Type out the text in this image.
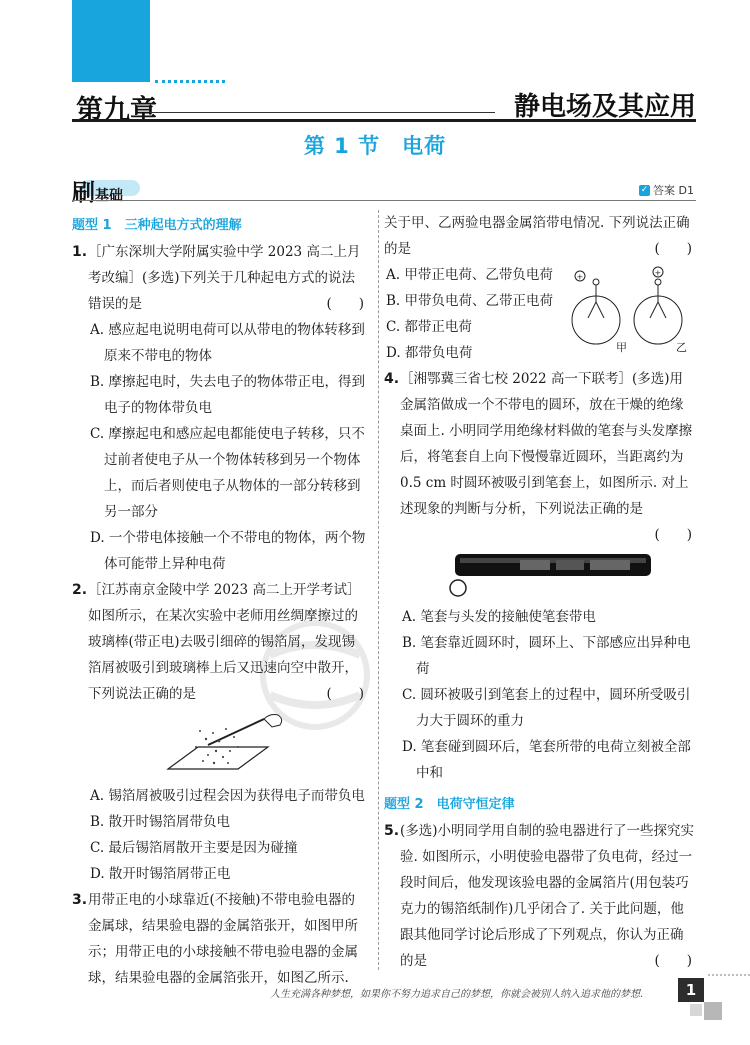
第九章	静电场及其应用
第 1 节 电荷
刷基础	✓ 答案 D1
题型 1　三种起电方式的理解
1. ［广东深圳大学附属实验中学 2023 高二上月
考改编］(多选)下列关于几种起电方式的说法
错误的是	(　　)
A. 感应起电说明电荷可以从带电的物体转移到原来不带电的物体
B. 摩擦起电时，失去电子的物体带正电，得到电子的物体带负电
C. 摩擦起电和感应起电都能使电子转移，只不过前者使电子从一个物体转移到另一个物体上，而后者则使电子从物体的一部分转移到另一部分
D. 一个带电体接触一个不带电的物体，两个物体可能带上异种电荷
2. ［江苏南京金陵中学 2023 高二上开学考试］如图所示，在某次实验中老师用丝绸摩擦过的玻璃棒(带正电)去吸引细碎的锡箔屑，发现锡箔屑被吸引到玻璃棒上后又迅速向空中散开，下列说法正确的是	(　　)
A. 锡箔屑被吸引过程会因为获得电子而带负电
B. 散开时锡箔屑带负电
C. 最后锡箔屑散开主要是因为碰撞
D. 散开时锡箔屑带正电
3. 用带正电的小球靠近(不接触)不带电验电器的金属球，结果验电器的金属箔张开，如图甲所示；用带正电的小球接触不带电验电器的金属球，结果验电器的金属箔张开，如图乙所示.
关于甲、乙两验电器金属箔带电情况. 下列说法正确的是	(　　)
A. 甲带正电荷、乙带负电荷
B. 甲带负电荷、乙带正电荷
C. 都带正电荷
D. 都带负电荷
+	+
甲	乙
4. ［湘鄂冀三省七校 2022 高一下联考］(多选)用金属箔做成一个不带电的圆环，放在干燥的绝缘桌面上. 小明同学用绝缘材料做的笔套与头发摩擦后，将笔套自上向下慢慢靠近圆环，当距离约为　0.5 cm 时圆环被吸引到笔套上，如图所示. 对上述现象的判断与分析，下列说法正确的是
(　　)
A. 笔套与头发的接触使笔套带电
B. 笔套靠近圆环时，圆环上、下部感应出异种电荷
C. 圆环被吸引到笔套上的过程中，圆环所受吸引力大于圆环的重力
D. 笔套碰到圆环后，笔套所带的电荷立刻被全部中和
题型 2　电荷守恒定律
5. (多选)小明同学用自制的验电器进行了一些探究实验. 如图所示，小明使验电器带了负电荷，经过一段时间后，他发现该验电器的金属箔片(用包装巧克力的锡箔纸制作)几乎闭合了. 关于此问题，他跟其他同学讨论后形成了下列观点，你认为正确的是	(　　)
人生充满各种梦想，如果你不努力追求自己的梦想，你就会被别人纳入追求他的梦想.	1
